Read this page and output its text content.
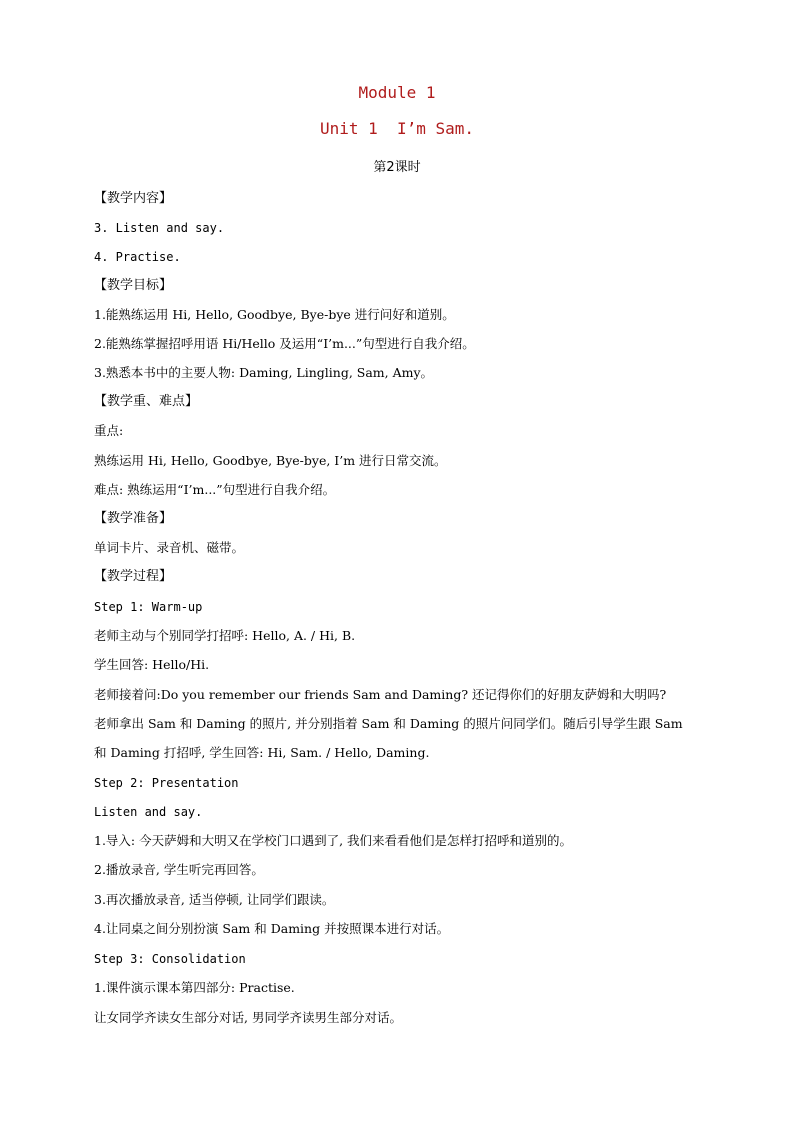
Module 1
Unit 1  I’m Sam.
第2课时
【教学内容】
3. Listen and say.
4. Practise.
【教学目标】
1.能熟练运用 Hi, Hello, Goodbye, Bye-bye 进行问好和道别。
2.能熟练掌握招呼用语 Hi/Hello 及运用“I’m...”句型进行自我介绍。
3.熟悉本书中的主要人物: Daming, Lingling, Sam, Amy。
【教学重、难点】
重点:
熟练运用 Hi, Hello, Goodbye, Bye-bye, I’m 进行日常交流。
难点: 熟练运用“I’m...”句型进行自我介绍。
【教学准备】
单词卡片、录音机、磁带。
【教学过程】
Step 1: Warm-up
老师主动与个别同学打招呼: Hello, A. / Hi, B.
学生回答: Hello/Hi.
老师接着问:Do you remember our friends Sam and Daming? 还记得你们的好朋友萨姆和大明吗?
老师拿出 Sam 和 Daming 的照片, 并分别指着 Sam 和 Daming 的照片问同学们。随后引导学生跟 Sam
和 Daming 打招呼, 学生回答: Hi, Sam. / Hello, Daming.
Step 2: Presentation
Listen and say.
1.导入: 今天萨姆和大明又在学校门口遇到了, 我们来看看他们是怎样打招呼和道别的。
2.播放录音, 学生听完再回答。
3.再次播放录音, 适当停顿, 让同学们跟读。
4.让同桌之间分别扮演 Sam 和 Daming 并按照课本进行对话。
Step 3: Consolidation
1.课件演示课本第四部分: Practise.
让女同学齐读女生部分对话, 男同学齐读男生部分对话。
